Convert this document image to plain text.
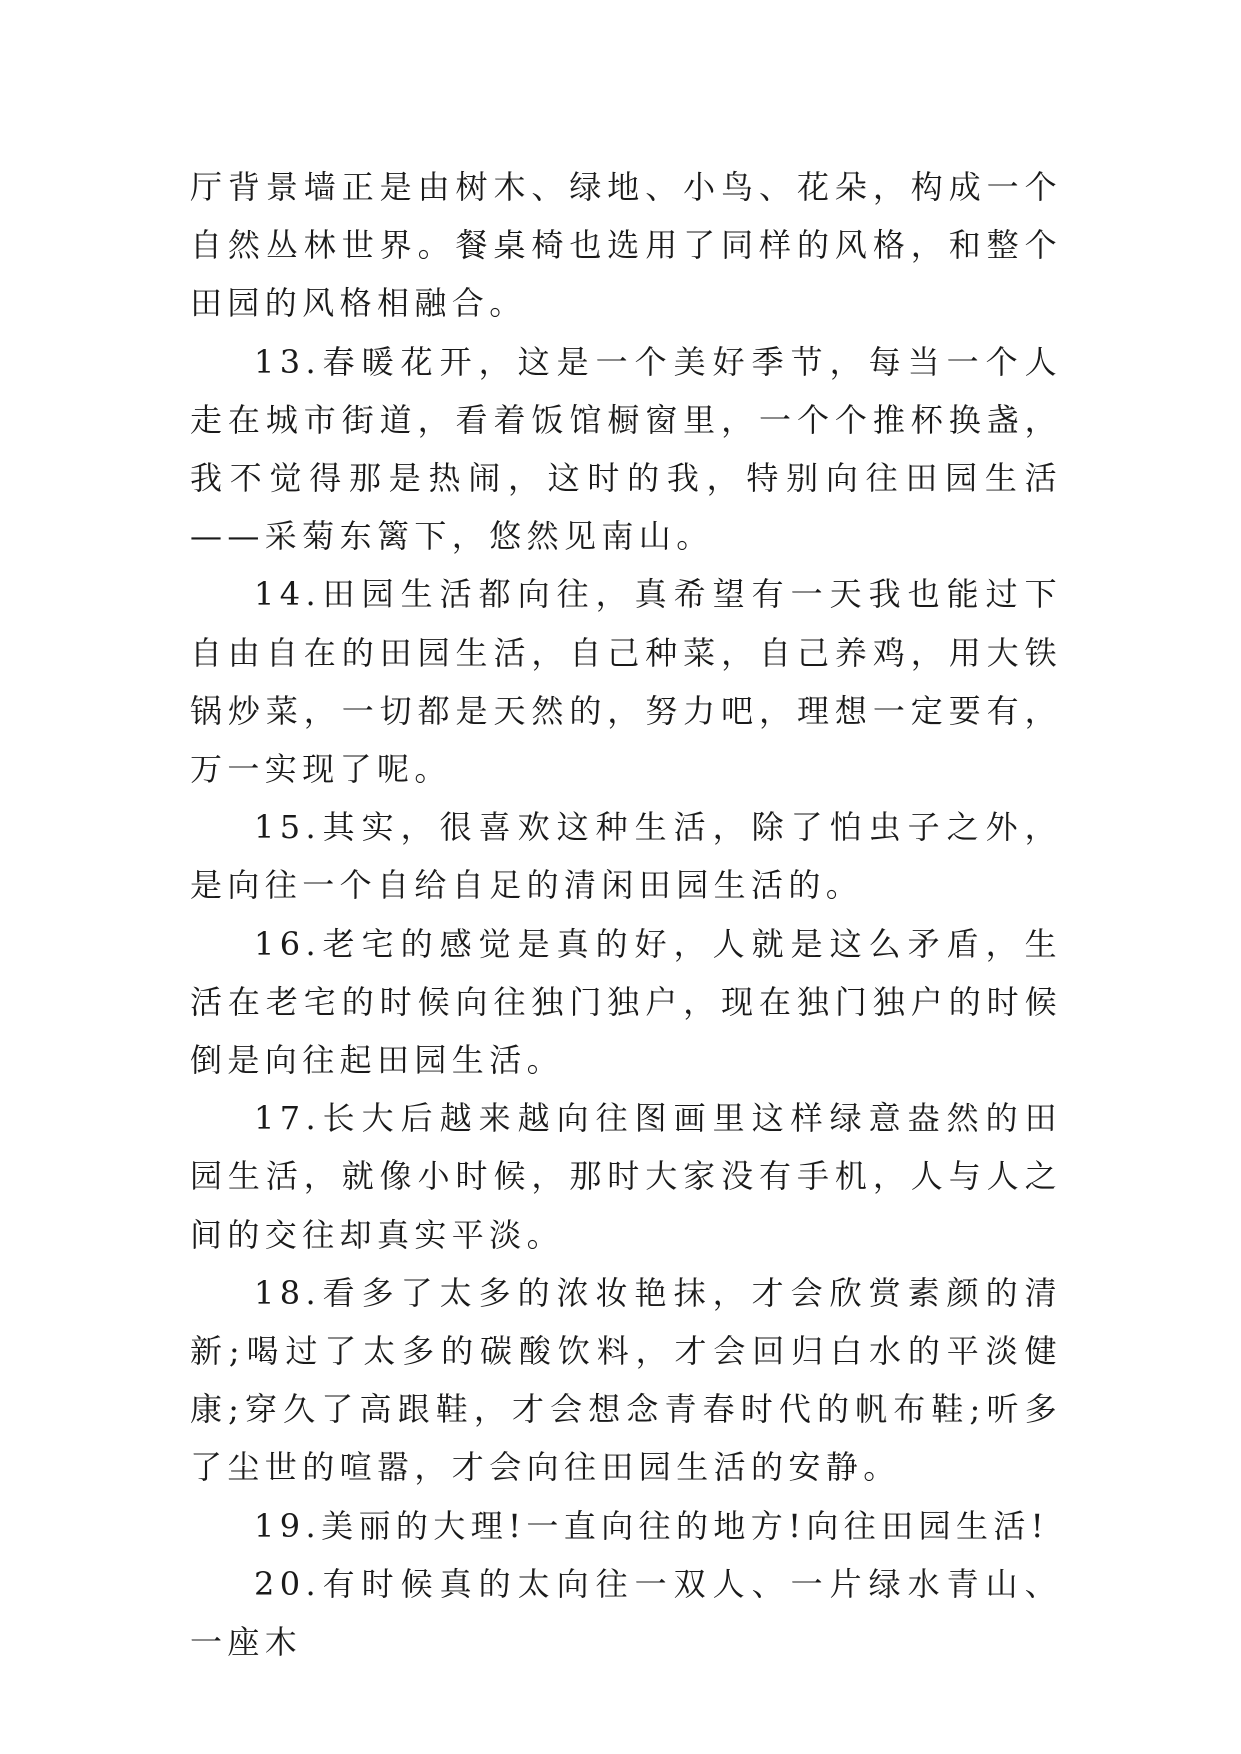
厅背景墙正是由树木、绿地、小鸟、花朵，构成一个自然丛林世界。餐桌椅也选用了同样的风格，和整个田园的风格相融合。

13.春暖花开，这是一个美好季节，每当一个人走在城市街道，看着饭馆橱窗里，一个个推杯换盏，我不觉得那是热闹，这时的我，特别向往田园生活——采菊东篱下，悠然见南山。

14.田园生活都向往，真希望有一天我也能过下自由自在的田园生活，自己种菜，自己养鸡，用大铁锅炒菜，一切都是天然的，努力吧，理想一定要有，万一实现了呢。

15.其实，很喜欢这种生活，除了怕虫子之外，是向往一个自给自足的清闲田园生活的。

16.老宅的感觉是真的好，人就是这么矛盾，生活在老宅的时候向往独门独户，现在独门独户的时候倒是向往起田园生活。

17.长大后越来越向往图画里这样绿意盎然的田园生活，就像小时候，那时大家没有手机，人与人之间的交往却真实平淡。

18.看多了太多的浓妆艳抹，才会欣赏素颜的清新;喝过了太多的碳酸饮料，才会回归白水的平淡健康;穿久了高跟鞋，才会想念青春时代的帆布鞋;听多了尘世的喧嚣，才会向往田园生活的安静。

19.美丽的大理!一直向往的地方!向往田园生活!

20.有时候真的太向往一双人、一片绿水青山、一座木
